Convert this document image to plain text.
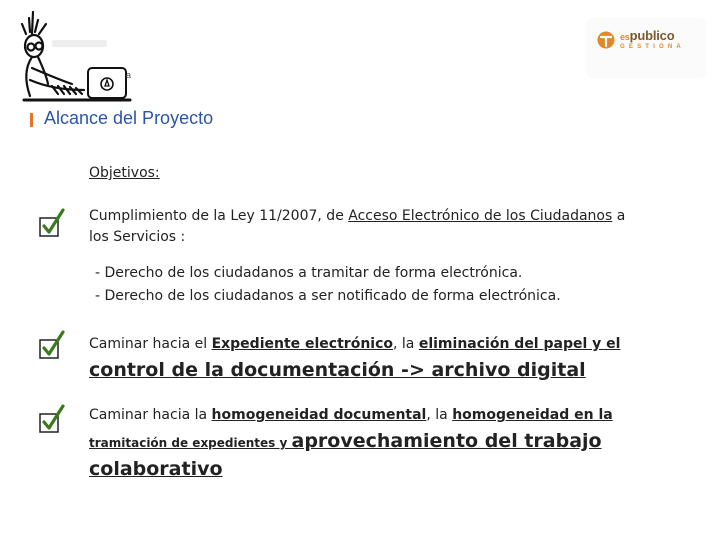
a
espublico
GESTIONA
Alcance del Proyecto
Objetivos:
Cumplimiento de la Ley 11/2007, de Acceso Electrónico de los Ciudadanos a
los Servicios :
- Derecho de los ciudadanos a tramitar de forma electrónica.
- Derecho de los ciudadanos a ser notificado de forma electrónica.
Caminar hacia el Expediente electrónico, la eliminación del papel y el
control de la documentación -> archivo digital
Caminar hacia la homogeneidad documental, la homogeneidad en la
tramitación de expedientes y aprovechamiento del trabajo
colaborativo
